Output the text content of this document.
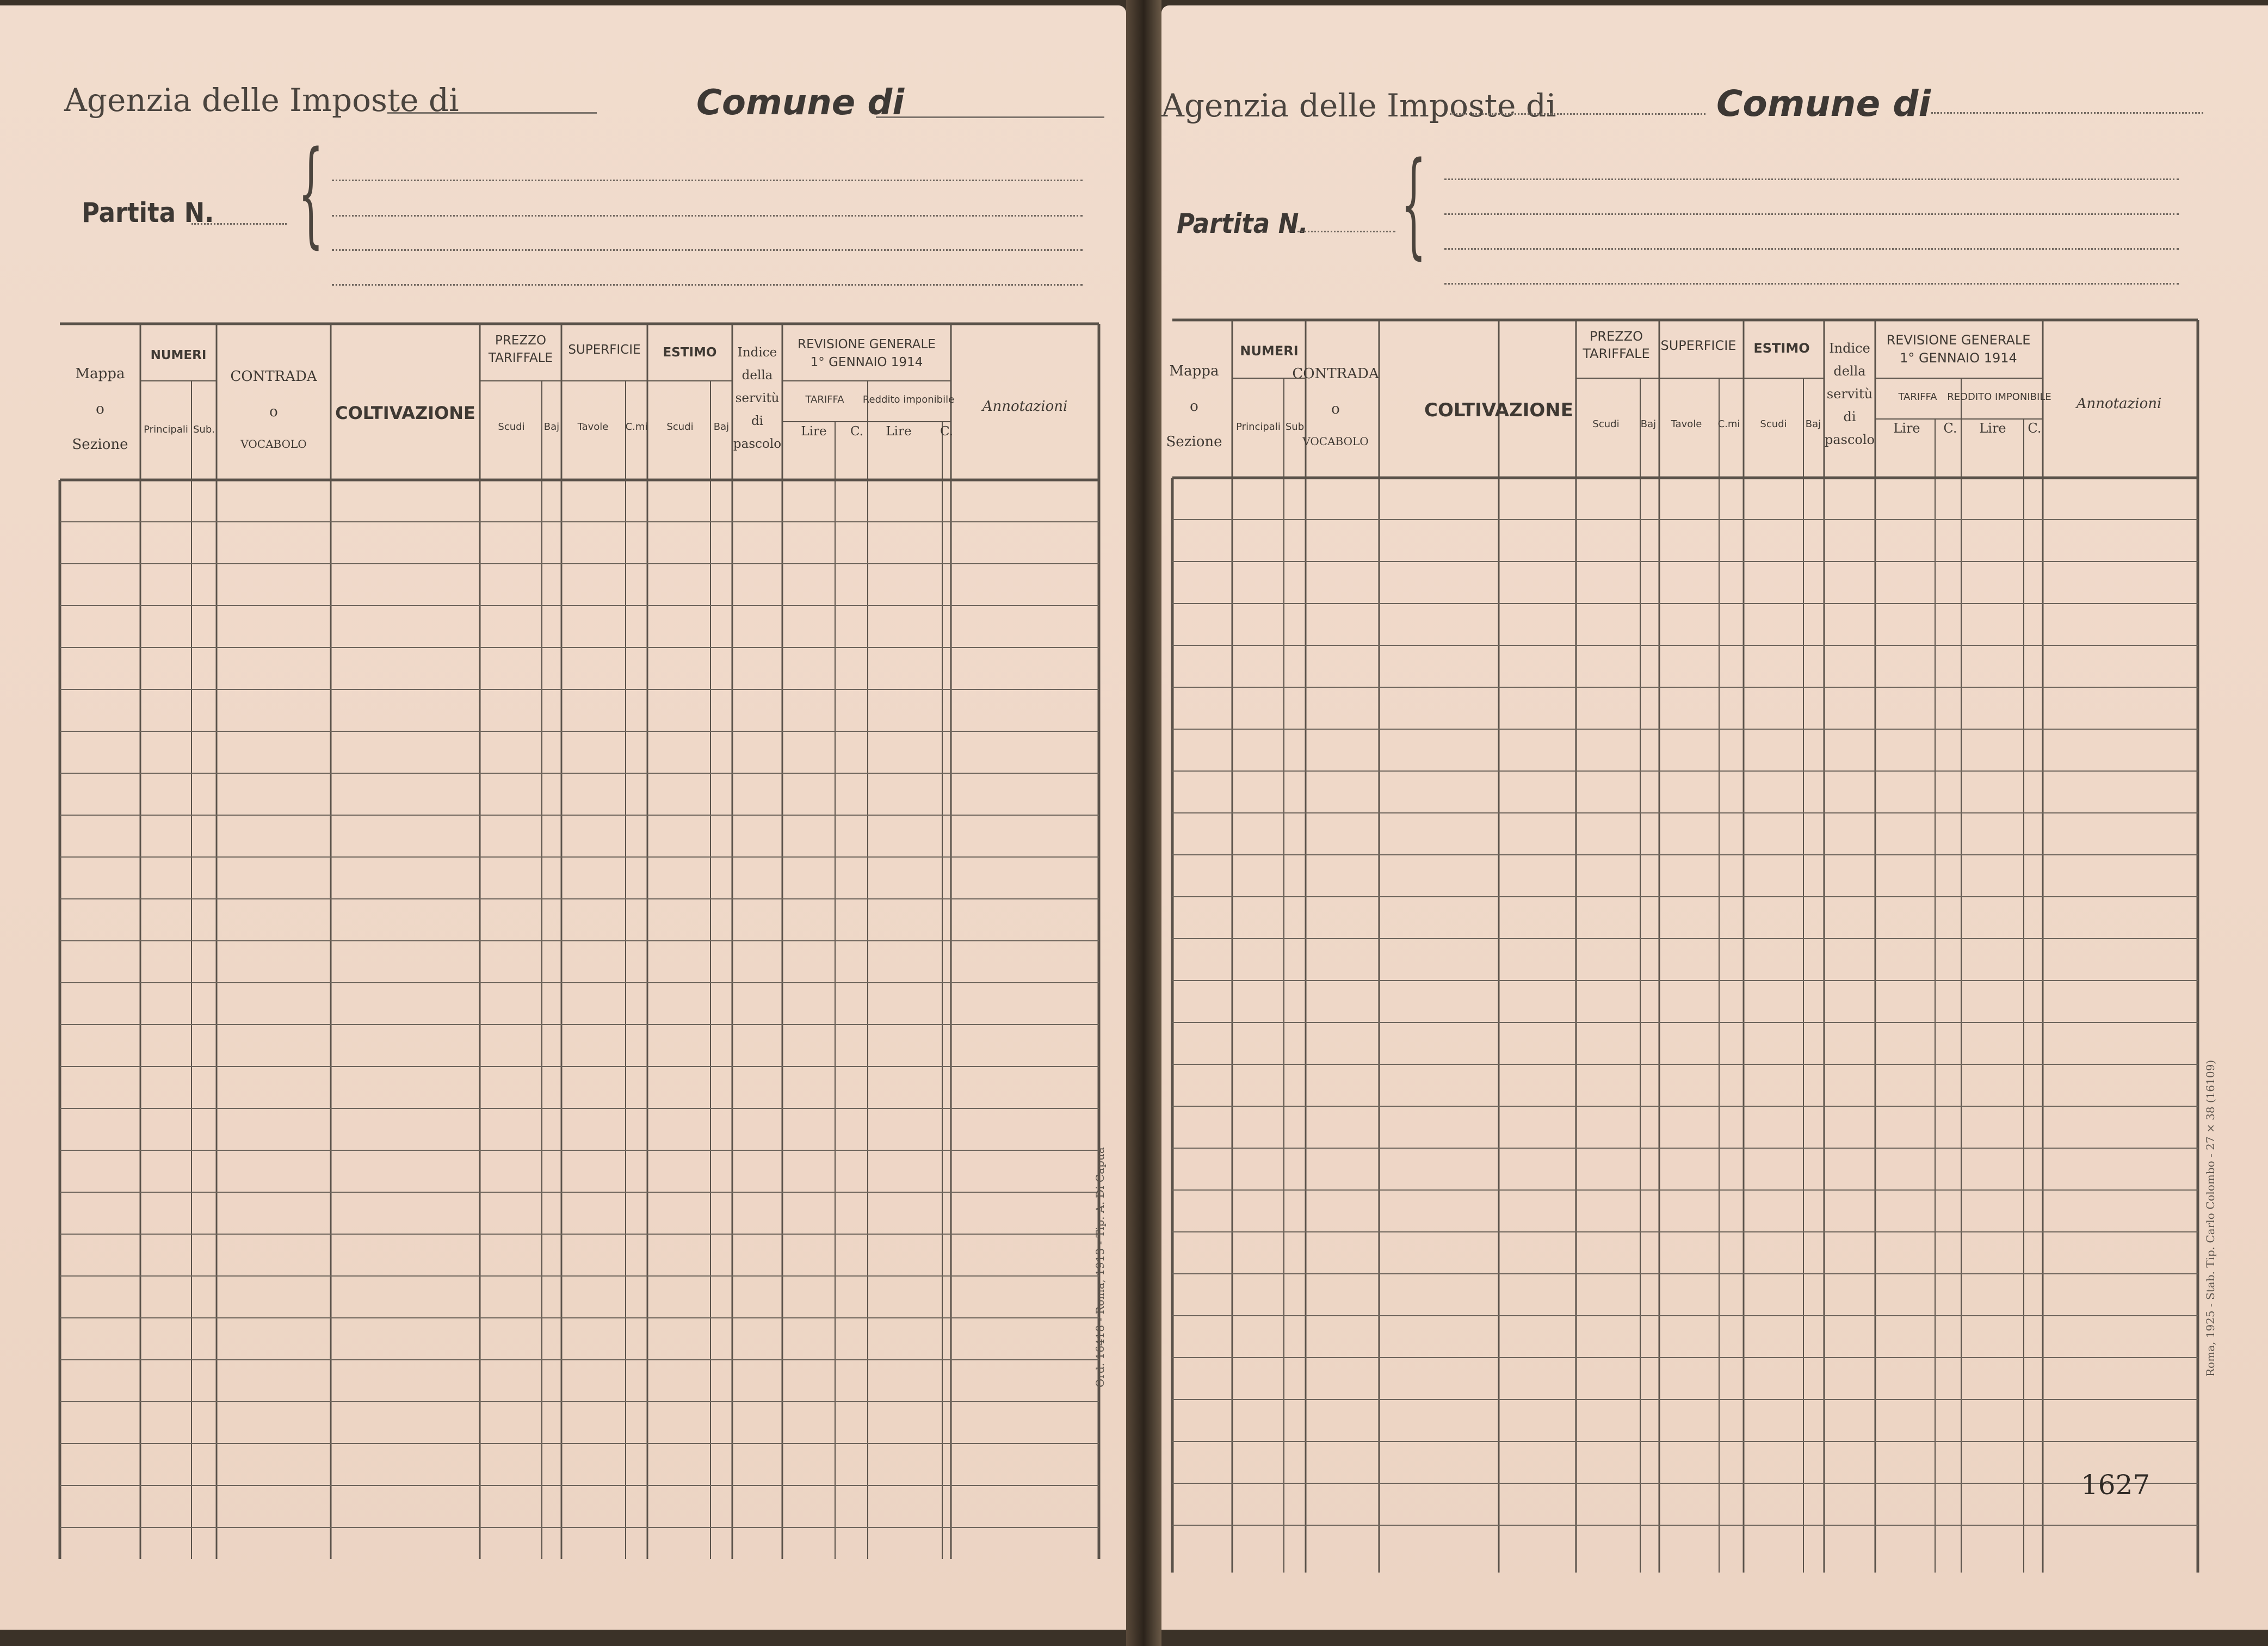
Agenzia delle Imposte di	Comune di
Partita N. {
Mappa
o
Sezione
NUMERI
Principali Sub.
CONTRADA
o
VOCABOLO
COLTIVAZIONE
PREZZO
TARIFFALE
Scudi Baj
SUPERFICIE
Tavole C.mi
ESTIMO
Scudi Baj
Indice
della
servitù
di
pascolo
REVISIONE GENERALE
1° GENNAIO 1914
TARIFFA Reddito imponibile
Lire C. Lire C.
Annotazioni
Ord. 16418 - Roma, 1913 - Tip. A. Di Capua
Agenzia delle Imposte di	Comune di
Partita N. {
Mappa
o
Sezione
NUMERI
Principali Sub
CONTRADA
o
VOCABOLO
COLTIVAZIONE
PREZZO
TARIFFALE
Scudi Baj
SUPERFICIE
Tavole C.mi
ESTIMO
Scudi Baj
Indice
della
servitù
di
pascolo
REVISIONE GENERALE
1° GENNAIO 1914
TARIFFA REDDITO IMPONIBILE
Lire C. Lire C.
Annotazioni
1627
Roma, 1925 - Stab. Tip. Carlo Colombo - 27 × 38 (16109)
